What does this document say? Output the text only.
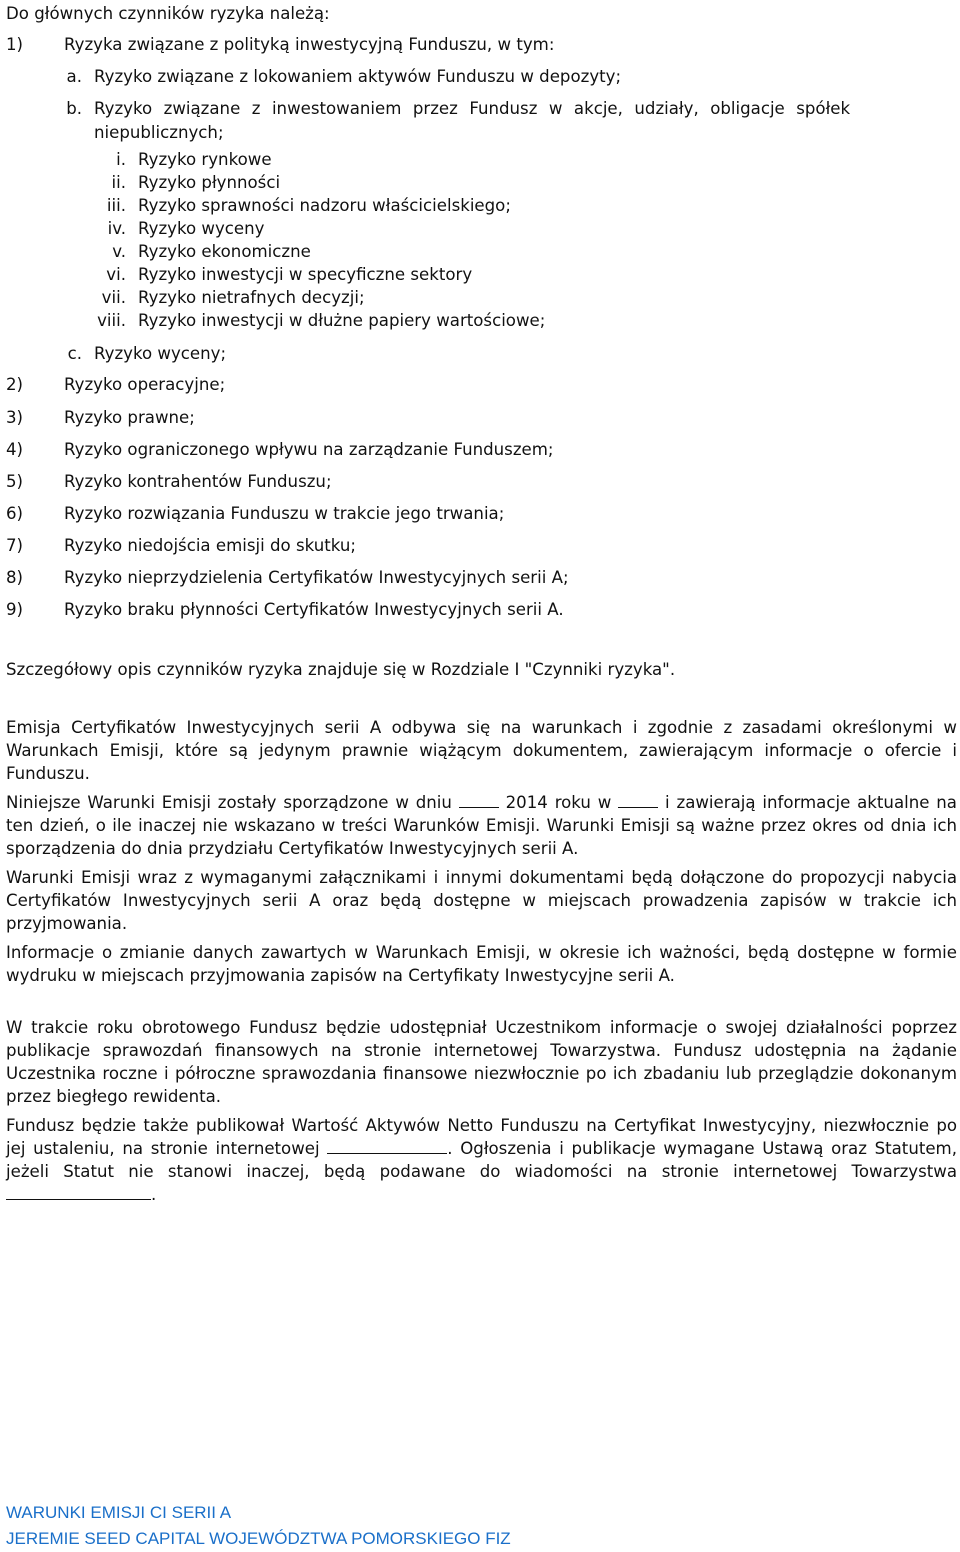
Do głównych czynników ryzyka należą:
1) Ryzyka związane z polityką inwestycyjną Funduszu, w tym:
a. Ryzyko związane z lokowaniem aktywów Funduszu w depozyty;
b. Ryzyko związane z inwestowaniem przez Fundusz w akcje, udziały, obligacje spółek
niepublicznych;
i. Ryzyko rynkowe
ii. Ryzyko płynności
iii. Ryzyko sprawności nadzoru właścicielskiego;
iv. Ryzyko wyceny
v. Ryzyko ekonomiczne
vi. Ryzyko inwestycji w specyficzne sektory
vii. Ryzyko nietrafnych decyzji;
viii. Ryzyko inwestycji w dłużne papiery wartościowe;
c. Ryzyko wyceny;
2) Ryzyko operacyjne;
3) Ryzyko prawne;
4) Ryzyko ograniczonego wpływu na zarządzanie Funduszem;
5) Ryzyko kontrahentów Funduszu;
6) Ryzyko rozwiązania Funduszu w trakcie jego trwania;
7) Ryzyko niedojścia emisji do skutku;
8) Ryzyko nieprzydzielenia Certyfikatów Inwestycyjnych serii A;
9) Ryzyko braku płynności Certyfikatów Inwestycyjnych serii A.
Szczegółowy opis czynników ryzyka znajduje się w Rozdziale I "Czynniki ryzyka".
Emisja Certyfikatów Inwestycyjnych serii A odbywa się na warunkach i zgodnie z zasadami określonymi w Warunkach Emisji, które są jedynym prawnie wiążącym dokumentem, zawierającym informacje o ofercie i Funduszu.
Niniejsze Warunki Emisji zostały sporządzone w dniu	2014 roku w	i zawierają informacje aktualne na ten dzień, o ile inaczej nie wskazano w treści Warunków Emisji. Warunki Emisji są ważne przez okres od dnia ich sporządzenia do dnia przydziału Certyfikatów Inwestycyjnych serii A.
Warunki Emisji wraz z wymaganymi załącznikami i innymi dokumentami będą dołączone do propozycji nabycia Certyfikatów Inwestycyjnych serii A oraz będą dostępne w miejscach prowadzenia zapisów w trakcie ich przyjmowania.
Informacje o zmianie danych zawartych w Warunkach Emisji, w okresie ich ważności, będą dostępne w formie wydruku w miejscach przyjmowania zapisów na Certyfikaty Inwestycyjne serii A.
W trakcie roku obrotowego Fundusz będzie udostępniał Uczestnikom informacje o swojej działalności poprzez publikacje sprawozdań finansowych na stronie internetowej Towarzystwa. Fundusz udostępnia na żądanie Uczestnika roczne i półroczne sprawozdania finansowe niezwłocznie po ich zbadaniu lub przeglądzie dokonanym przez biegłego rewidenta.
Fundusz będzie także publikował Wartość Aktywów Netto Funduszu na Certyfikat Inwestycyjny, niezwłocznie po jej ustaleniu, na stronie internetowej	. Ogłoszenia i publikacje wymagane Ustawą oraz Statutem, jeżeli Statut nie stanowi inaczej, będą podawane do wiadomości na stronie internetowej Towarzystwa .
WARUNKI EMISJI CI SERII A
JEREMIE SEED CAPITAL WOJEWÓDZTWA POMORSKIEGO FIZ
